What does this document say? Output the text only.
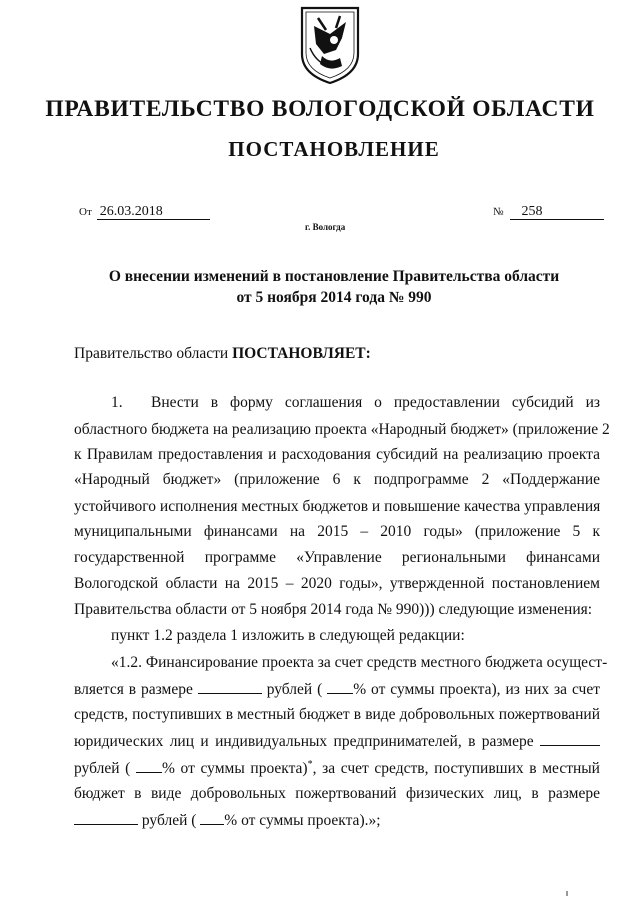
ПРАВИТЕЛЬСТВО ВОЛОГОДСКОЙ ОБЛАСТИ
ПОСТАНОВЛЕНИЕ
От 26.03.2018	№ 258
г. Вологда
О внесении изменений в постановление Правительства области
от 5 ноября 2014 года № 990
Правительство области ПОСТАНОВЛЯЕТ:
1. Внести в форму соглашения о предоставлении субсидий из
областного бюджета на реализацию проекта «Народный бюджет» (приложение 2
к Правилам предоставления и расходования субсидий на реализацию проекта
«Народный бюджет» (приложение 6 к подпрограмме 2 «Поддержание
устойчивого исполнения местных бюджетов и повышение качества управления
муниципальными финансами на 2015 – 2010 годы» (приложение 5 к
государственной программе «Управление региональными финансами
Вологодской области на 2015 – 2020 годы», утвержденной постановлением
Правительства области от 5 ноября 2014 года № 990))) следующие изменения:
пункт 1.2 раздела 1 изложить в следующей редакции:
«1.2. Финансирование проекта за счет средств местного бюджета осущест-
вляется в размере	рублей ( % от суммы проекта), из них за счет
средств, поступивших в местный бюджет в виде добровольных пожертвований
юридических лиц и индивидуальных предпринимателей, в размере
рублей ( % от суммы проекта)*, за счет средств, поступивших в местный
бюджет в виде добровольных пожертвований физических лиц, в размере
рублей ( % от суммы проекта).»;
